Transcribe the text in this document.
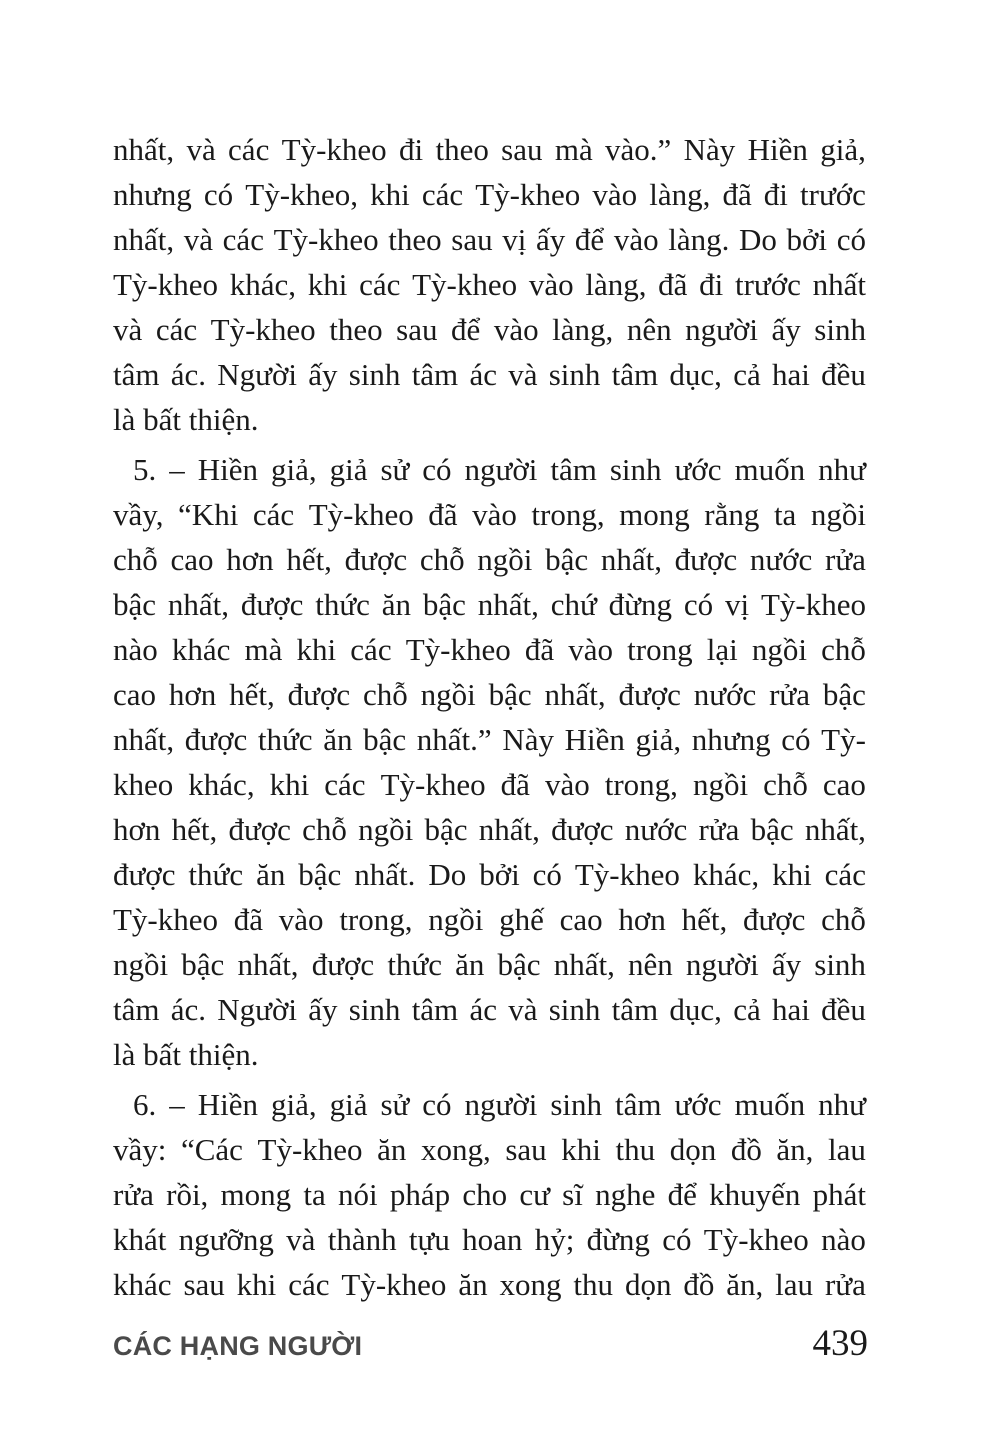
nhất, và các Tỳ-kheo đi theo sau mà vào.” Này Hiền giả,
nhưng có Tỳ-kheo, khi các Tỳ-kheo vào làng, đã đi trước
nhất, và các Tỳ-kheo theo sau vị ấy để vào làng. Do bởi có
Tỳ-kheo khác, khi các Tỳ-kheo vào làng, đã đi trước nhất
và các Tỳ-kheo theo sau để vào làng, nên người ấy sinh
tâm ác. Người ấy sinh tâm ác và sinh tâm dục, cả hai đều
là bất thiện.

5. – Hiền giả, giả sử có người tâm sinh ước muốn như
vầy, “Khi các Tỳ-kheo đã vào trong, mong rằng ta ngồi
chỗ cao hơn hết, được chỗ ngồi bậc nhất, được nước rửa
bậc nhất, được thức ăn bậc nhất, chứ đừng có vị Tỳ-kheo
nào khác mà khi các Tỳ-kheo đã vào trong lại ngồi chỗ
cao hơn hết, được chỗ ngồi bậc nhất, được nước rửa bậc
nhất, được thức ăn bậc nhất.” Này Hiền giả, nhưng có Tỳ-
kheo khác, khi các Tỳ-kheo đã vào trong, ngồi chỗ cao
hơn hết, được chỗ ngồi bậc nhất, được nước rửa bậc nhất,
được thức ăn bậc nhất. Do bởi có Tỳ-kheo khác, khi các
Tỳ-kheo đã vào trong, ngồi ghế cao hơn hết, được chỗ
ngồi bậc nhất, được thức ăn bậc nhất, nên người ấy sinh
tâm ác. Người ấy sinh tâm ác và sinh tâm dục, cả hai đều
là bất thiện.

6. – Hiền giả, giả sử có người sinh tâm ước muốn như
vầy: “Các Tỳ-kheo ăn xong, sau khi thu dọn đồ ăn, lau
rửa rồi, mong ta nói pháp cho cư sĩ nghe để khuyến phát
khát ngưỡng và thành tựu hoan hỷ; đừng có Tỳ-kheo nào
khác sau khi các Tỳ-kheo ăn xong thu dọn đồ ăn, lau rửa

CÁC HẠNG NGƯỜI	439
